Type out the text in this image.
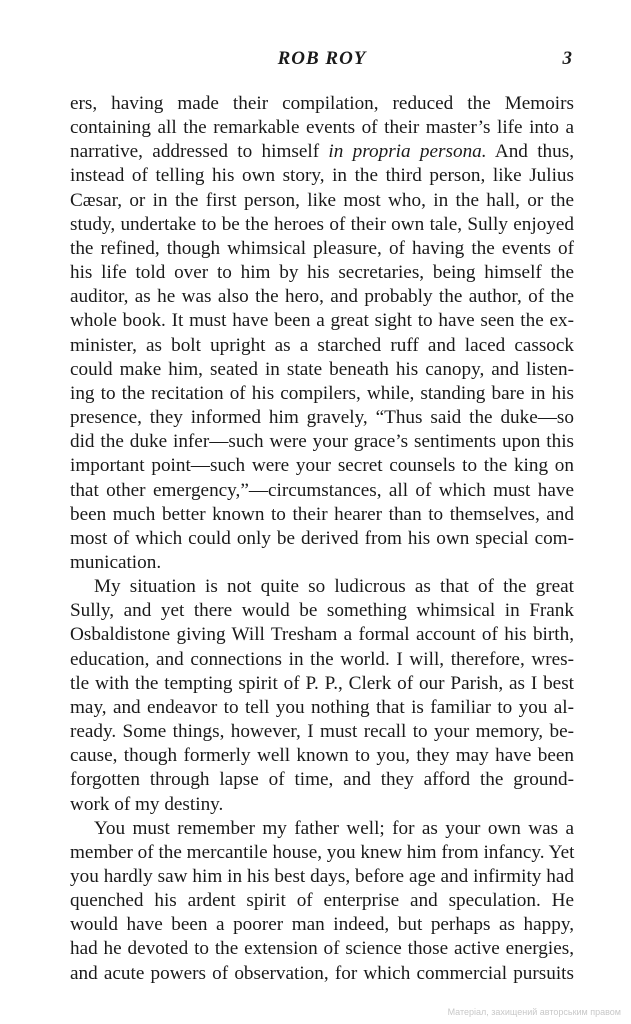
ROB ROY	3

ers, having made their compilation, reduced the Memoirs
containing all the remarkable events of their master’s life into a
narrative, addressed to himself in propria persona. And thus,
instead of telling his own story, in the third person, like Julius
Cæsar, or in the first person, like most who, in the hall, or the
study, undertake to be the heroes of their own tale, Sully enjoyed
the refined, though whimsical pleasure, of having the events of
his life told over to him by his secretaries, being himself the
auditor, as he was also the hero, and probably the author, of the
whole book. It must have been a great sight to have seen the ex-
minister, as bolt upright as a starched ruff and laced cassock
could make him, seated in state beneath his canopy, and listen-
ing to the recitation of his compilers, while, standing bare in his
presence, they informed him gravely, “Thus said the duke—so
did the duke infer—such were your grace’s sentiments upon this
important point—such were your secret counsels to the king on
that other emergency,”—circumstances, all of which must have
been much better known to their hearer than to themselves, and
most of which could only be derived from his own special com-
munication.

My situation is not quite so ludicrous as that of the great
Sully, and yet there would be something whimsical in Frank
Osbaldistone giving Will Tresham a formal account of his birth,
education, and connections in the world. I will, therefore, wres-
tle with the tempting spirit of P. P., Clerk of our Parish, as I best
may, and endeavor to tell you nothing that is familiar to you al-
ready. Some things, however, I must recall to your memory, be-
cause, though formerly well known to you, they may have been
forgotten through lapse of time, and they afford the ground-
work of my destiny.

You must remember my father well; for as your own was a
member of the mercantile house, you knew him from infancy. Yet
you hardly saw him in his best days, before age and infirmity had
quenched his ardent spirit of enterprise and speculation. He
would have been a poorer man indeed, but perhaps as happy,
had he devoted to the extension of science those active energies,
and acute powers of observation, for which commercial pursuits

Матеріал, захищений авторським правом
